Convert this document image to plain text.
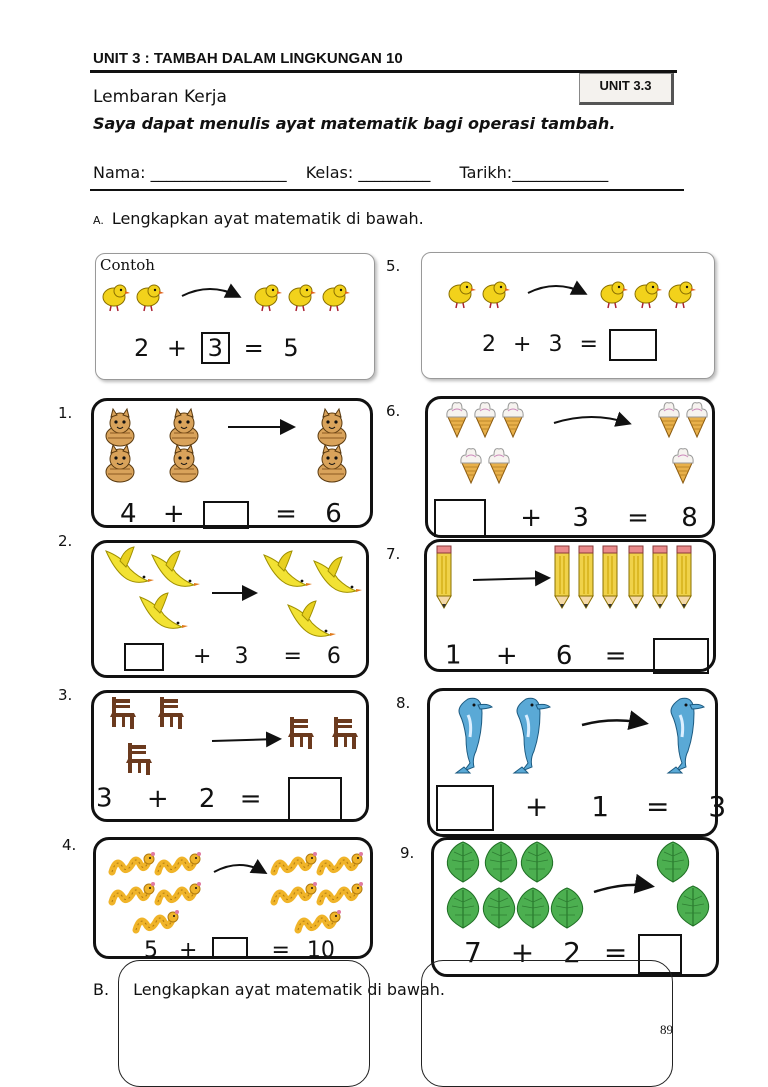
UNIT 3 : TAMBAH DALAM LINGKUNGAN 10
UNIT 3.3
Lembaran Kerja
Saya dapat menulis ayat matematik bagi operasi tambah.
Nama: _________________ Kelas: _________ Tarikh:____________
A. Lengkapkan ayat matematik di bawah.
Contoh
2 + 3 = 5
5.
2 + 3 =
1.
4 +	= 6
6.
+ 3 = 8
2.
+ 3 = 6
7.
1 + 6 =
3.
3 + 2 =
8.
+ 1 = 3
4.
5 +	= 10
9.
7 + 2 =
B. Lengkapkan ayat matematik di bawah.
89
